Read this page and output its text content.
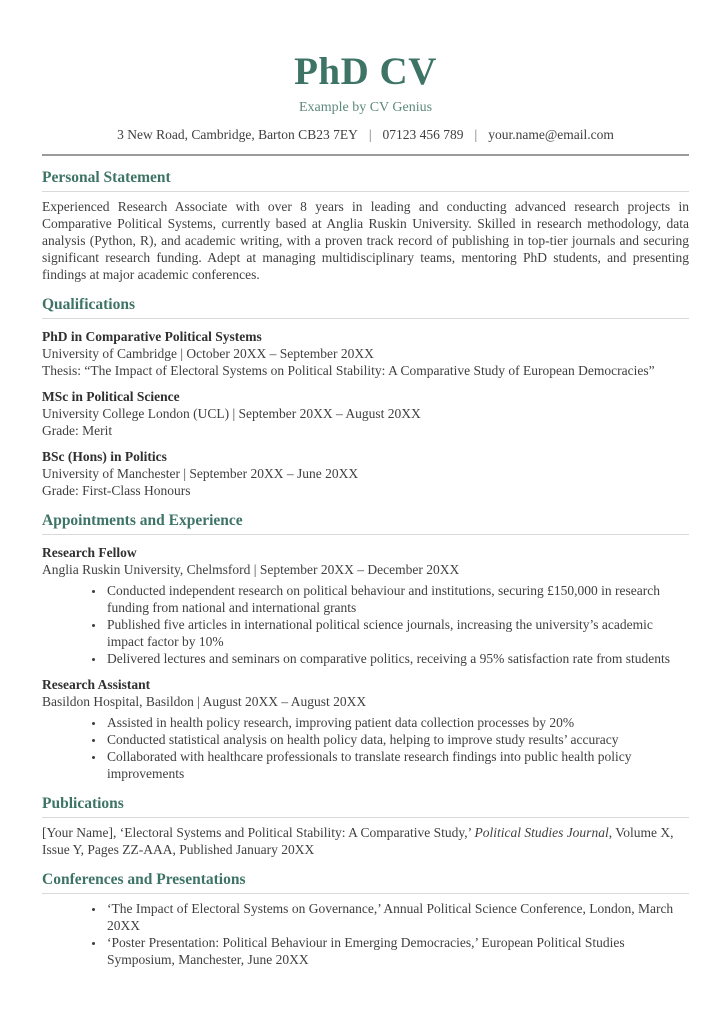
PhD CV
Example by CV Genius
3 New Road, Cambridge, Barton CB23 7EY | 07123 456 789 | your.name@email.com
Personal Statement

Experienced Research Associate with over 8 years in leading and conducting advanced research projects in Comparative Political Systems, currently based at Anglia Ruskin University. Skilled in research methodology, data analysis (Python, R), and academic writing, with a proven track record of publishing in top-tier journals and securing significant research funding. Adept at managing multidisciplinary teams, mentoring PhD students, and presenting findings at major academic conferences.

Qualifications
PhD in Comparative Political Systems
University of Cambridge | October 20XX – September 20XX
Thesis: “The Impact of Electoral Systems on Political Stability: A Comparative Study of European Democracies”
MSc in Political Science
University College London (UCL) | September 20XX – August 20XX
Grade: Merit
BSc (Hons) in Politics
University of Manchester | September 20XX – June 20XX
Grade: First-Class Honours
Appointments and Experience
Research Fellow
Anglia Ruskin University, Chelmsford | September 20XX – December 20XX
• Conducted independent research on political behaviour and institutions, securing £150,000 in research funding from national and international grants
• Published five articles in international political science journals, increasing the university’s academic impact factor by 10%
• Delivered lectures and seminars on comparative politics, receiving a 95% satisfaction rate from students
Research Assistant
Basildon Hospital, Basildon | August 20XX – August 20XX
• Assisted in health policy research, improving patient data collection processes by 20%
• Conducted statistical analysis on health policy data, helping to improve study results’ accuracy
• Collaborated with healthcare professionals to translate research findings into public health policy improvements
Publications

[Your Name], ‘Electoral Systems and Political Stability: A Comparative Study,’ Political Studies Journal, Volume X, Issue Y, Pages ZZ-AAA, Published January 20XX

Conferences and Presentations
• ‘The Impact of Electoral Systems on Governance,’ Annual Political Science Conference, London, March 20XX
• ‘Poster Presentation: Political Behaviour in Emerging Democracies,’ European Political Studies Symposium, Manchester, June 20XX
